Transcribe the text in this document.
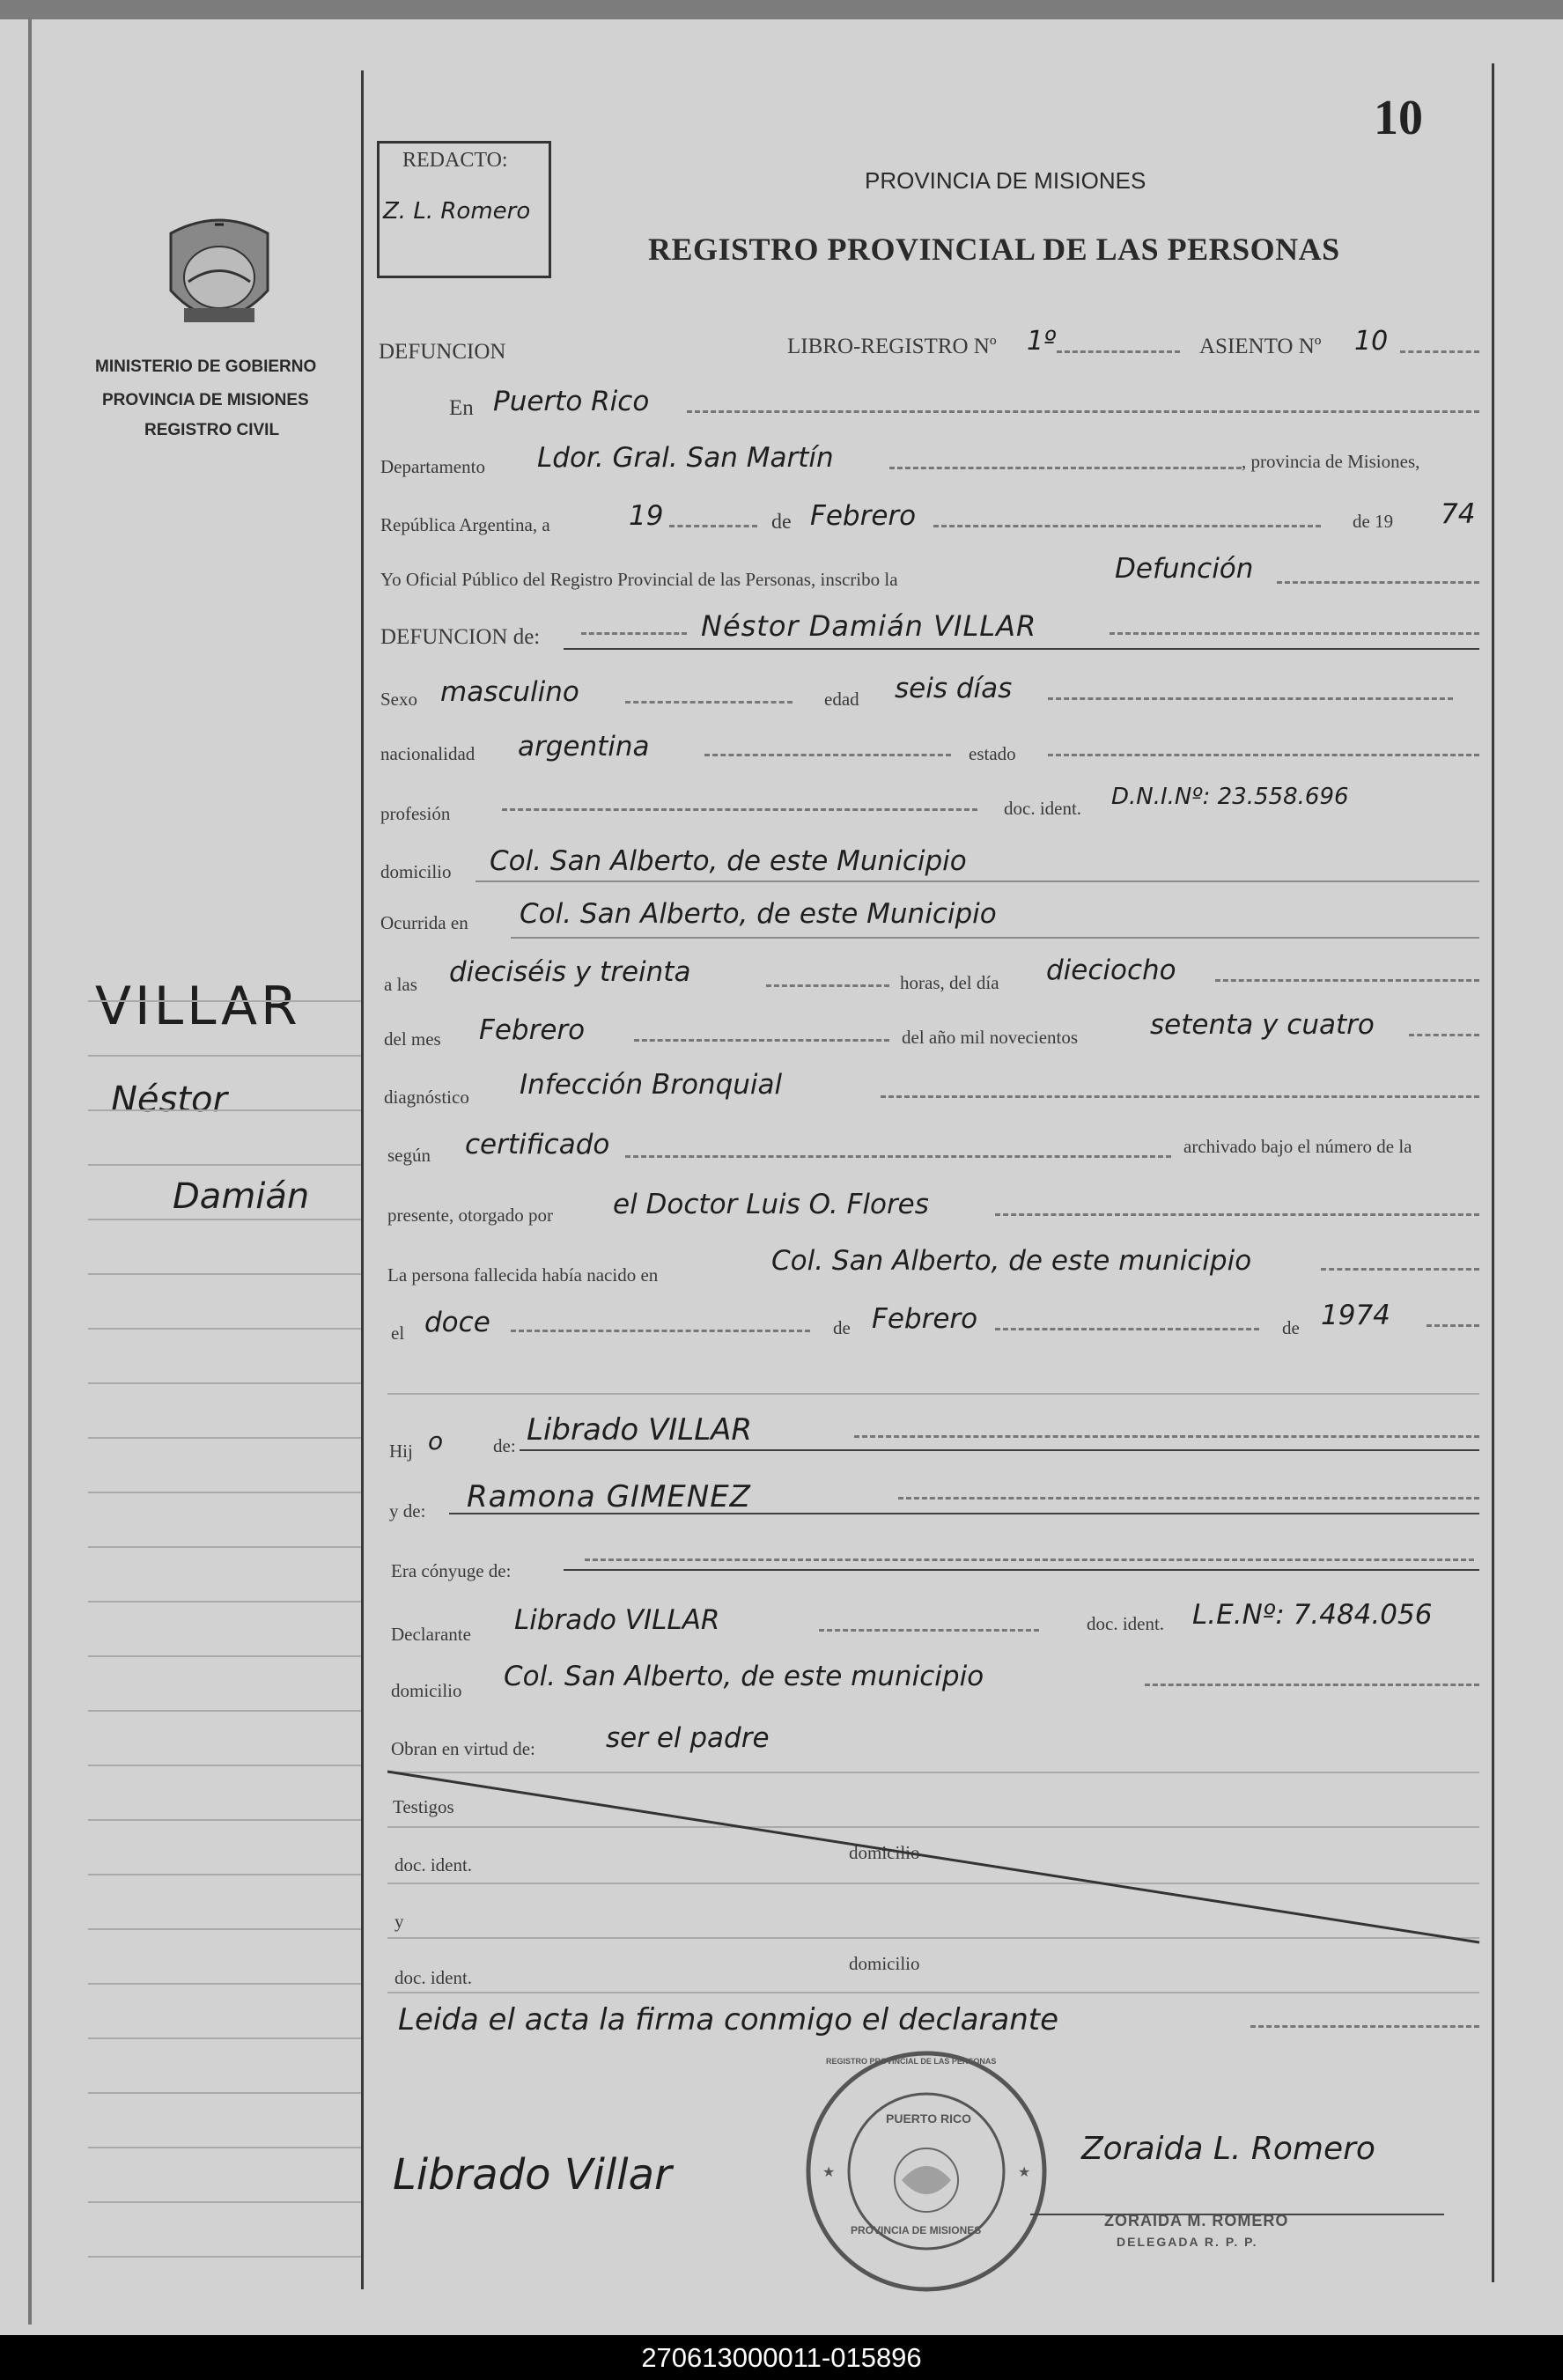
10
REDACTO:
Z. L. Romero
MINISTERIO DE GOBIERNO
PROVINCIA DE MISIONES
REGISTRO CIVIL
PROVINCIA DE MISIONES
REGISTRO PROVINCIAL DE LAS PERSONAS
VILLAR
Néstor
Damián
DEFUNCION	LIBRO-REGISTRO Nº 1º	ASIENTO Nº 10
En Puerto Rico
Departamento Ldor. Gral. San Martín	, provincia de Misiones,
República Argentina, a	19	de Febrero	de 19 74
Yo Oficial Público del Registro Provincial de las Personas, inscribo la	Defunción
DEFUNCION de:	Néstor Damián VILLAR
Sexo masculino	edad seis días
nacionalidad argentina	estado
profesión	doc. ident. D.N.I.Nº: 23.558.696
domicilio Col. San Alberto, de este Municipio
Ocurrida en Col. San Alberto, de este Municipio
a las dieciséis y treinta	horas, del día dieciocho
del mes Febrero	del año mil novecientos	setenta y cuatro
diagnóstico Infección Bronquial
según certificado	archivado bajo el número de la
presente, otorgado por el Doctor Luis O. Flores
La persona fallecida había nacido en	Col. San Alberto, de este municipio
el doce	de Febrero	de 1974
Hij o	de: Librado VILLAR
y de: Ramona GIMENEZ
Era cónyuge de:
Declarante Librado VILLAR	doc. ident. L.E.Nº: 7.484.056
domicilio Col. San Alberto, de este municipio
Obran en virtud de:	ser el padre
Testigos
doc. ident.
domicilio
y
doc. ident.
domicilio
Leida el acta la firma conmigo el declarante
★	★
REGISTRO PROVINCIAL DE LAS PERSONAS
PUERTO RICO
PROVINCIA DE MISIONES
Librado Villar
Zoraida L. Romero
ZORAIDA M. ROMERO
DELEGADA R. P. P.
270613000011-015896
